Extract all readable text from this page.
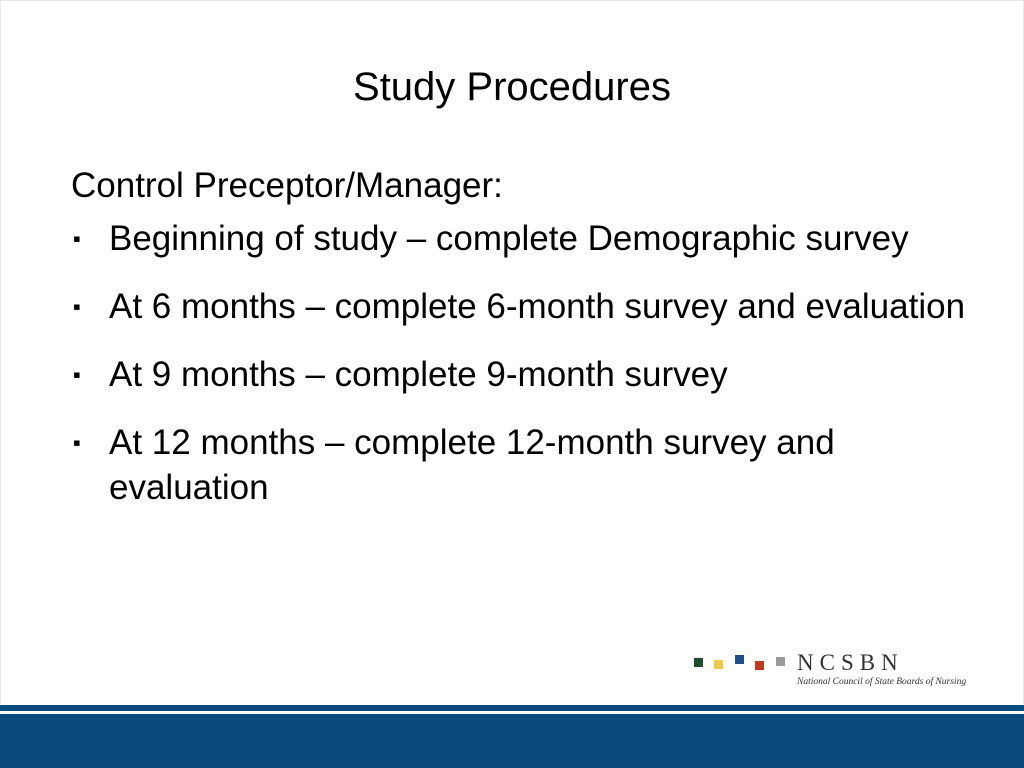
Study Procedures

Control Preceptor/Manager:

▪ Beginning of study – complete Demographic survey
▪ At 6 months – complete 6-month survey and evaluation
▪ At 9 months – complete 9-month survey
▪ At 12 months – complete 12-month survey and evaluation
NCSBN
National Council of State Boards of Nursing
